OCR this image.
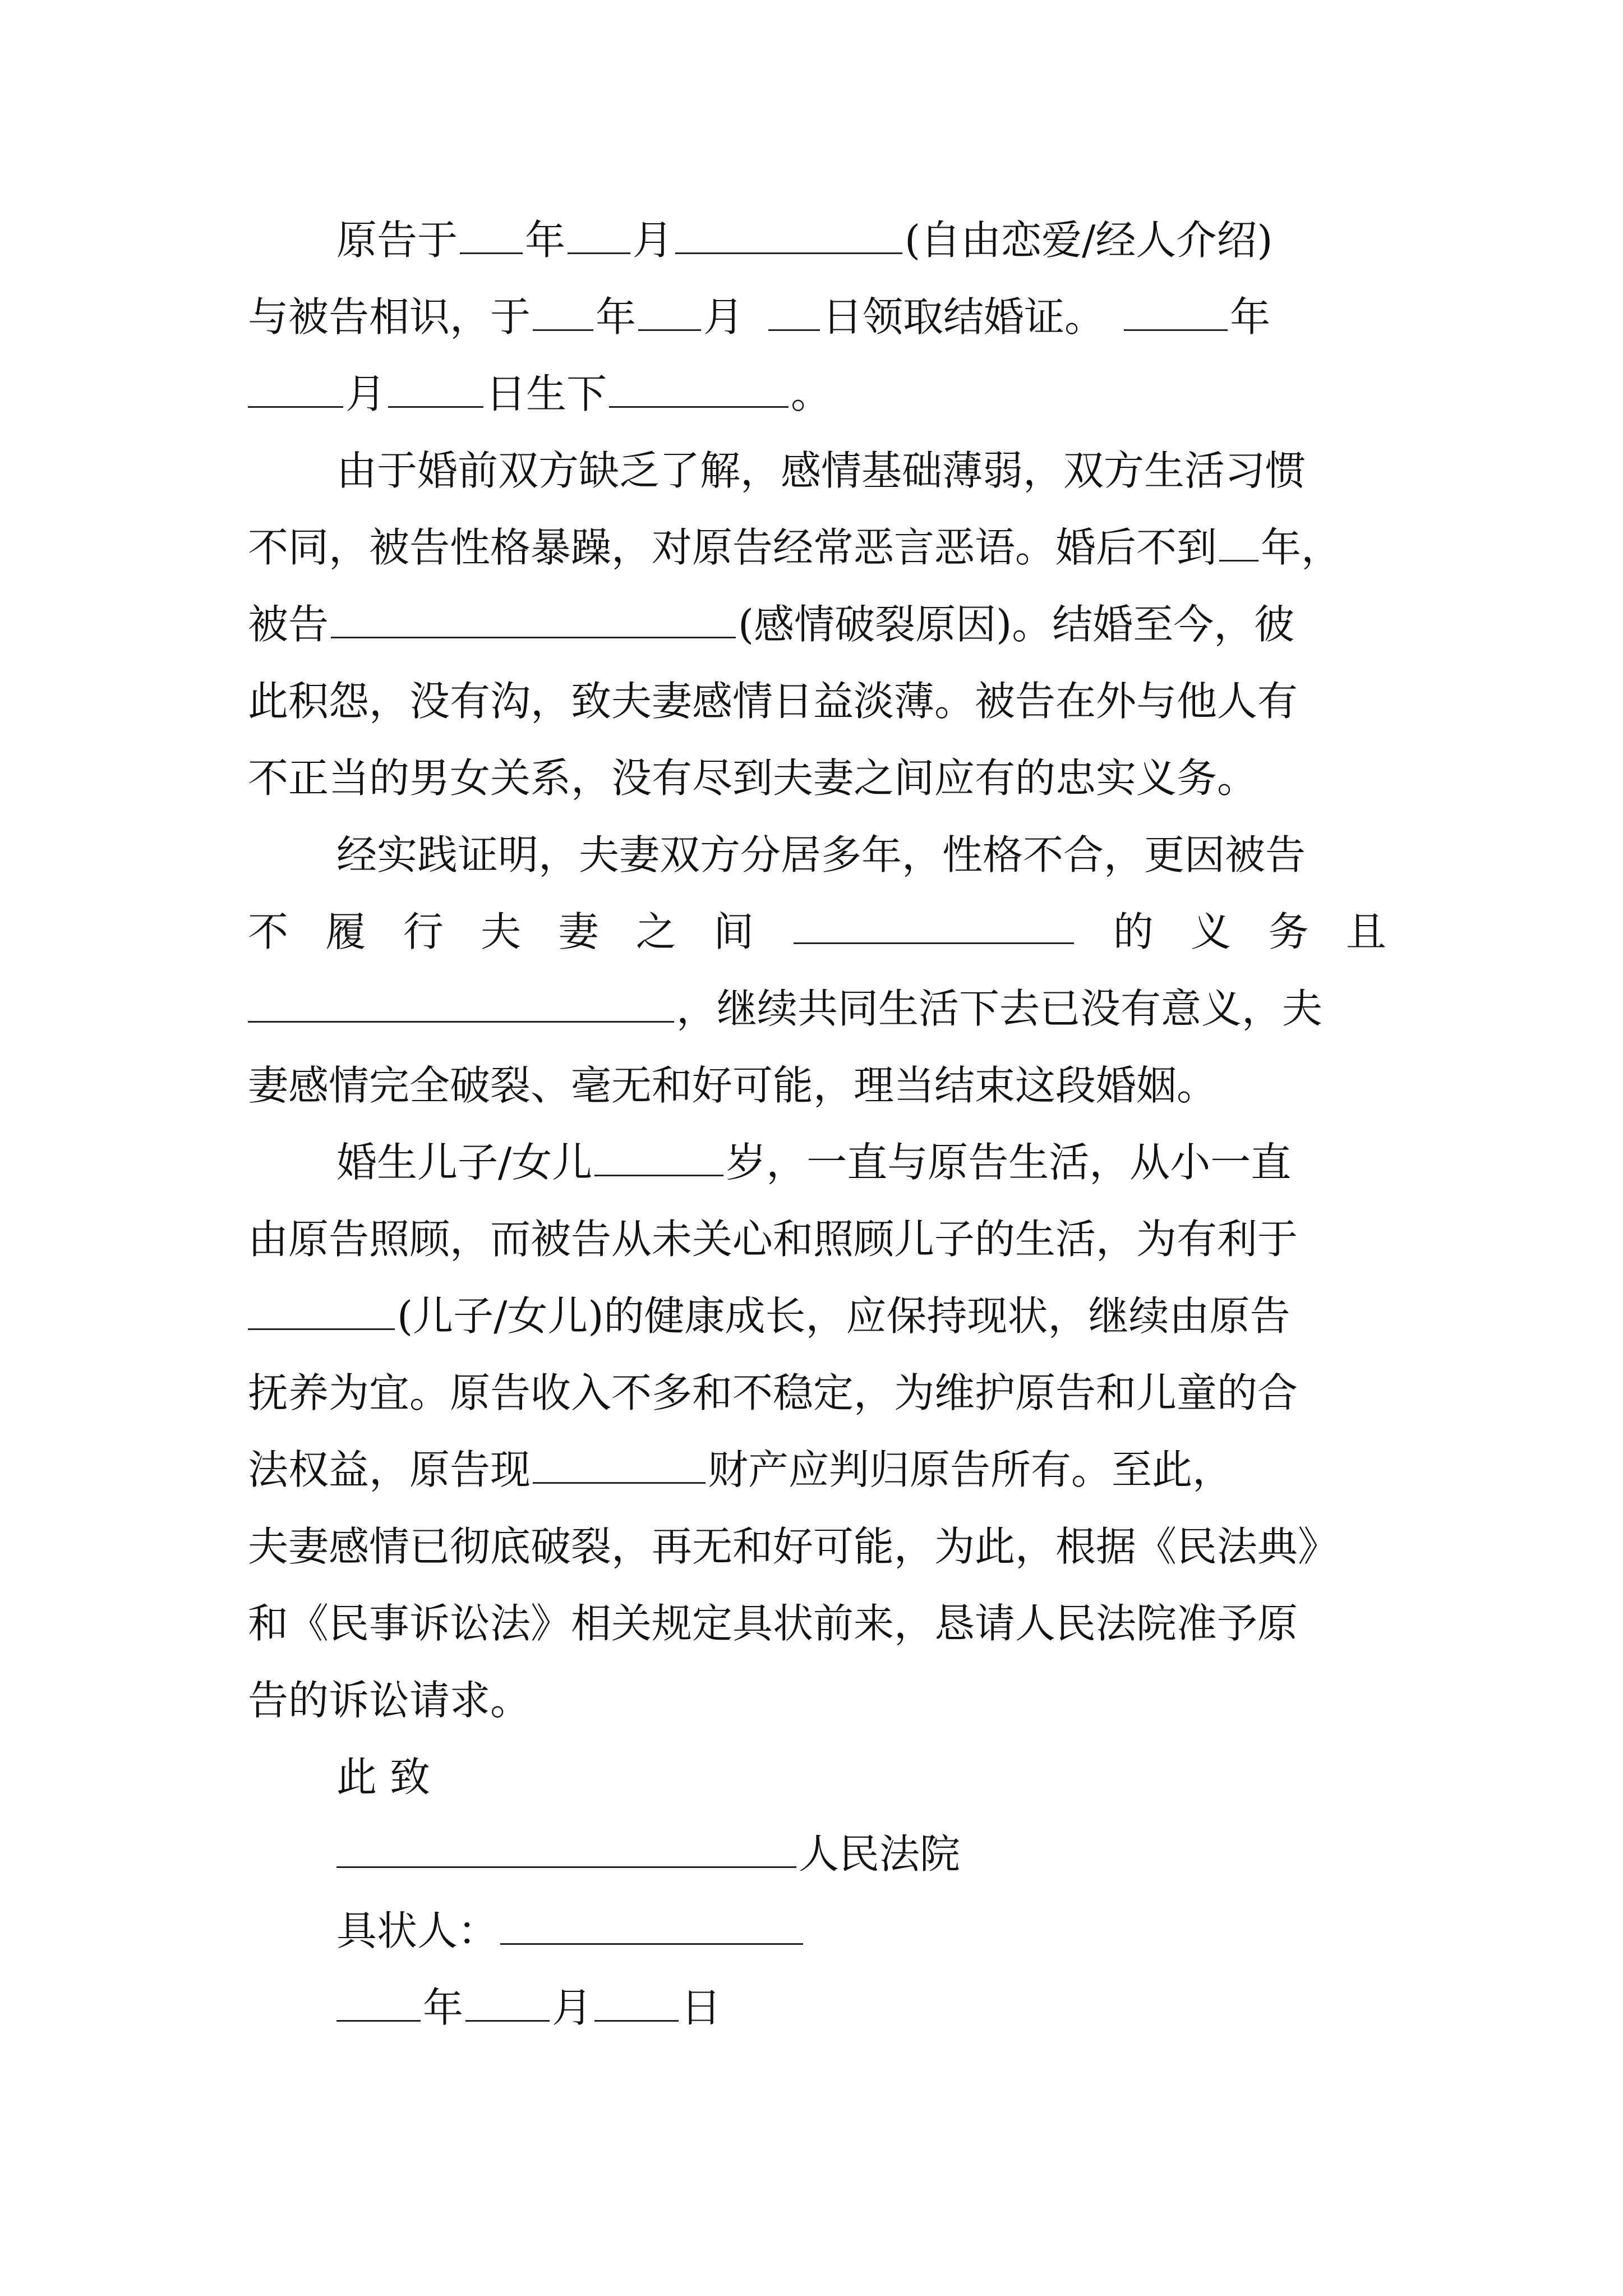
原告于 年 月	(自由恋爱/经人介绍)
与被告相识，于 年 月 日领取结婚证。	年
月 日生下	。
由于婚前双方缺乏了解，感情基础薄弱，双方生活习惯
不同，被告性格暴躁，对原告经常恶言恶语。婚后不到 年，
被告	(感情破裂原因)。结婚至今，彼
此积怨，没有沟，致夫妻感情日益淡薄。被告在外与他人有
不正当的男女关系，没有尽到夫妻之间应有的忠实义务。
经实践证明，夫妻双方分居多年，性格不合，更因被告
不 履 行 夫 妻 之 间	的 义 务 且
，继续共同生活下去已没有意义，夫
妻感情完全破裂、毫无和好可能，理当结束这段婚姻。
婚生儿子/女儿	岁，一直与原告生活，从小一直
由原告照顾，而被告从未关心和照顾儿子的生活，为有利于
(儿子/女儿)的健康成长，应保持现状，继续由原告
抚养为宜。原告收入不多和不稳定，为维护原告和儿童的合
法权益，原告现	财产应判归原告所有。至此，
夫妻感情已彻底破裂，再无和好可能，为此，根据《民法典》
和《民事诉讼法》相关规定具状前来，恳请人民法院准予原
告的诉讼请求。
此 致
人民法院
具状人：
年 月 日
